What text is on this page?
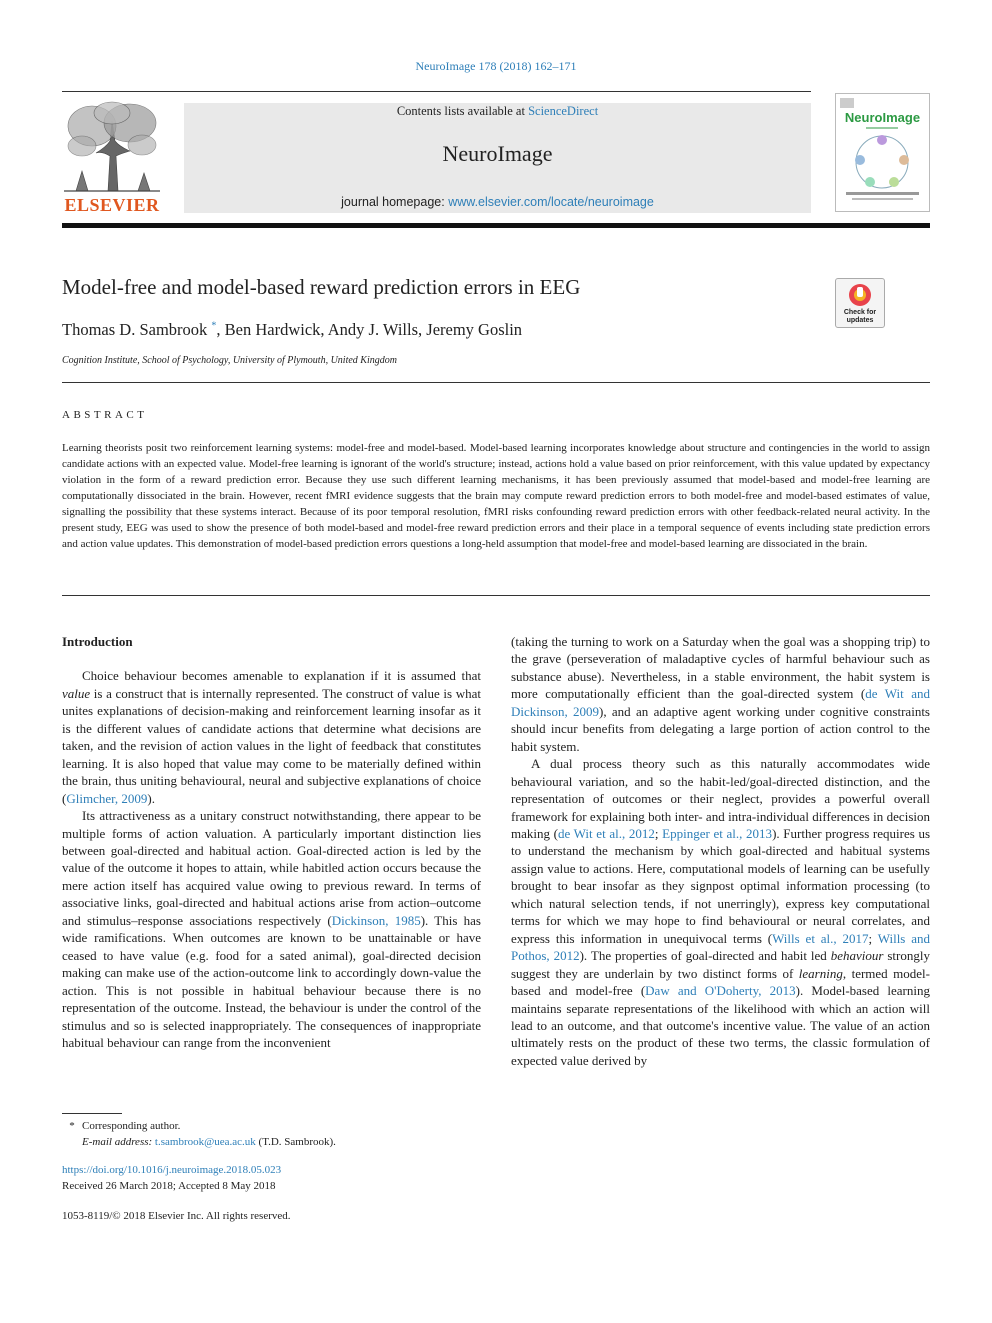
NeuroImage 178 (2018) 162–171
ELSEVIER
Contents lists available at ScienceDirect
NeuroImage
journal homepage: www.elsevier.com/locate/neuroimage
NeuroImage
Model-free and model-based reward prediction errors in EEG
Thomas D. Sambrook *, Ben Hardwick, Andy J. Wills, Jeremy Goslin
Cognition Institute, School of Psychology, University of Plymouth, United Kingdom
Check for updates
ABSTRACT
Learning theorists posit two reinforcement learning systems: model-free and model-based. Model-based learning incorporates knowledge about structure and contingencies in the world to assign candidate actions with an expected value. Model-free learning is ignorant of the world's structure; instead, actions hold a value based on prior reinforcement, with this value updated by expectancy violation in the form of a reward prediction error. Because they use such different learning mechanisms, it has been previously assumed that model-based and model-free learning are computationally dissociated in the brain. However, recent fMRI evidence suggests that the brain may compute reward prediction errors to both model-free and model-based estimates of value, signalling the possibility that these systems interact. Because of its poor temporal resolution, fMRI risks confounding reward prediction errors with other feedback-related neural activity. In the present study, EEG was used to show the presence of both model-based and model-free reward prediction errors and their place in a temporal sequence of events including state prediction errors and action value updates. This demonstration of model-based prediction errors questions a long-held assumption that model-free and model-based learning are dissociated in the brain.

Introduction

Choice behaviour becomes amenable to explanation if it is assumed that value is a construct that is internally represented. The construct of value is what unites explanations of decision-making and reinforcement learning insofar as it is the different values of candidate actions that determine what decisions are taken, and the revision of action values in the light of feedback that constitutes learning. It is also hoped that value may come to be materially defined within the brain, thus uniting behavioural, neural and subjective explanations of choice (Glimcher, 2009).

Its attractiveness as a unitary construct notwithstanding, there appear to be multiple forms of action valuation. A particularly important distinction lies between goal-directed and habitual action. Goal-directed action is led by the value of the outcome it hopes to attain, while habitled action occurs because the mere action itself has acquired value owing to previous reward. In terms of associative links, goal-directed and habitual actions arise from action–outcome and stimulus–response associations respectively (Dickinson, 1985). This has wide ramifications. When outcomes are known to be unattainable or have ceased to have value (e.g. food for a sated animal), goal-directed decision making can make use of the action-outcome link to accordingly down-value the action. This is not possible in habitual behaviour because there is no representation of the outcome. Instead, the behaviour is under the control of the stimulus and so is selected inappropriately. The consequences of inappropriate habitual behaviour can range from the inconvenient

(taking the turning to work on a Saturday when the goal was a shopping trip) to the grave (perseveration of maladaptive cycles of harmful behaviour such as substance abuse). Nevertheless, in a stable environment, the habit system is more computationally efficient than the goal-directed system (de Wit and Dickinson, 2009), and an adaptive agent working under cognitive constraints should incur benefits from delegating a large portion of action control to the habit system.

A dual process theory such as this naturally accommodates wide behavioural variation, and so the habit-led/goal-directed distinction, and the representation of outcomes or their neglect, provides a powerful overall framework for explaining both inter- and intra-individual differences in decision making (de Wit et al., 2012; Eppinger et al., 2013). Further progress requires us to understand the mechanism by which goal-directed and habitual systems assign value to actions. Here, computational models of learning can be usefully brought to bear insofar as they signpost optimal information processing (to which natural selection tends, if not unerringly), express key computational terms for which we may hope to find behavioural or neural correlates, and express this information in unequivocal terms (Wills et al., 2017; Wills and Pothos, 2012). The properties of goal-directed and habit led behaviour strongly suggest they are underlain by two distinct forms of learning, termed model-based and model-free (Daw and O'Doherty, 2013). Model-based learning maintains separate representations of the likelihood with which an action will lead to an outcome, and that outcome's incentive value. The value of an action ultimately rests on the product of these two terms, the classic formulation of expected value derived by

* Corresponding author.
E-mail address: t.sambrook@uea.ac.uk (T.D. Sambrook).
https://doi.org/10.1016/j.neuroimage.2018.05.023
Received 26 March 2018; Accepted 8 May 2018
1053-8119/© 2018 Elsevier Inc. All rights reserved.
